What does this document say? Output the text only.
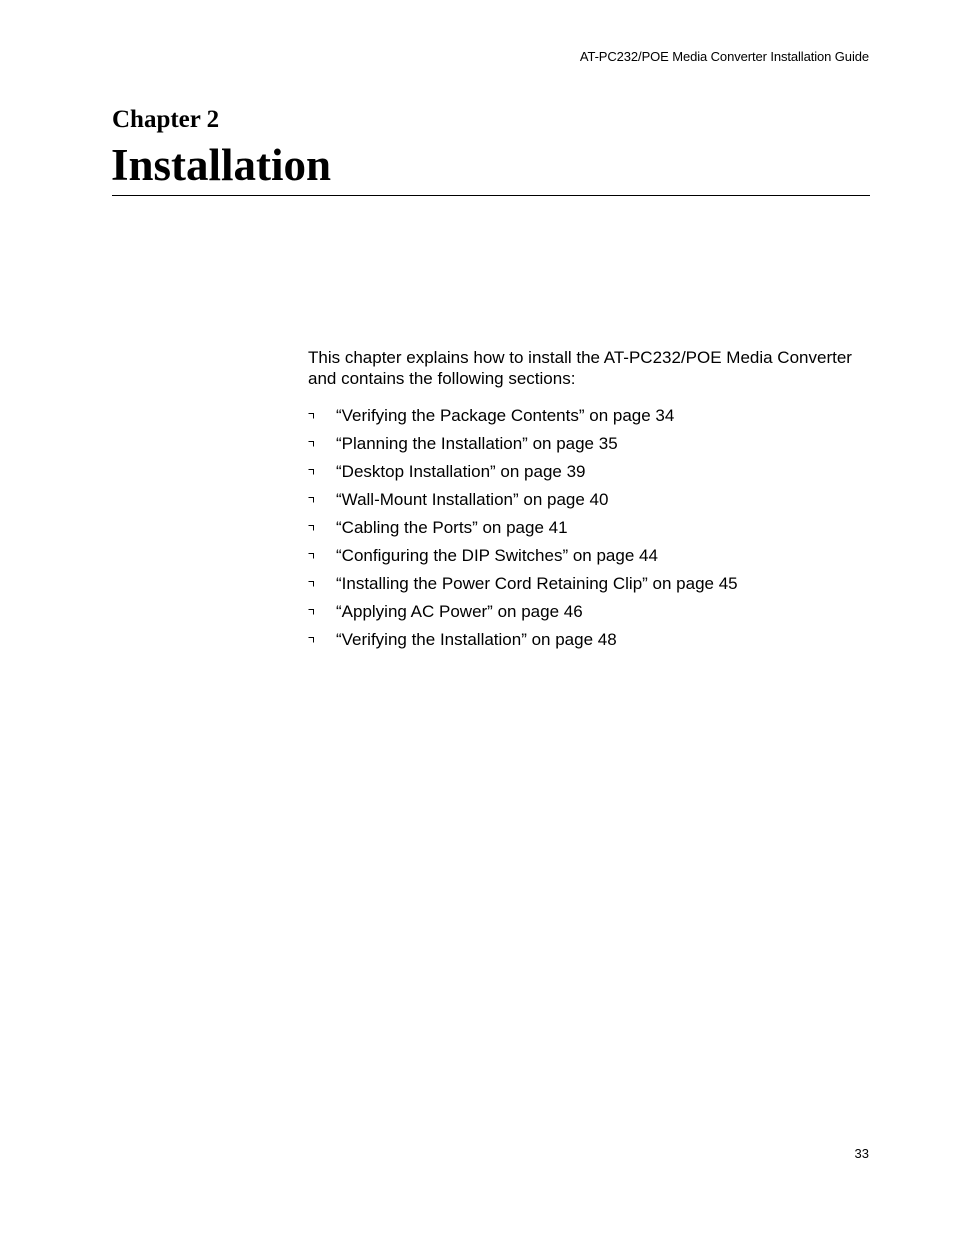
AT-PC232/POE Media Converter Installation Guide
Chapter 2
Installation
This chapter explains how to install the AT-PC232/POE Media Converter and contains the following sections:
“Verifying the Package Contents” on page 34
“Planning the Installation” on page 35
“Desktop Installation” on page 39
“Wall-Mount Installation” on page 40
“Cabling the Ports” on page 41
“Configuring the DIP Switches” on page 44
“Installing the Power Cord Retaining Clip” on page 45
“Applying AC Power” on page 46
“Verifying the Installation” on page 48
33
